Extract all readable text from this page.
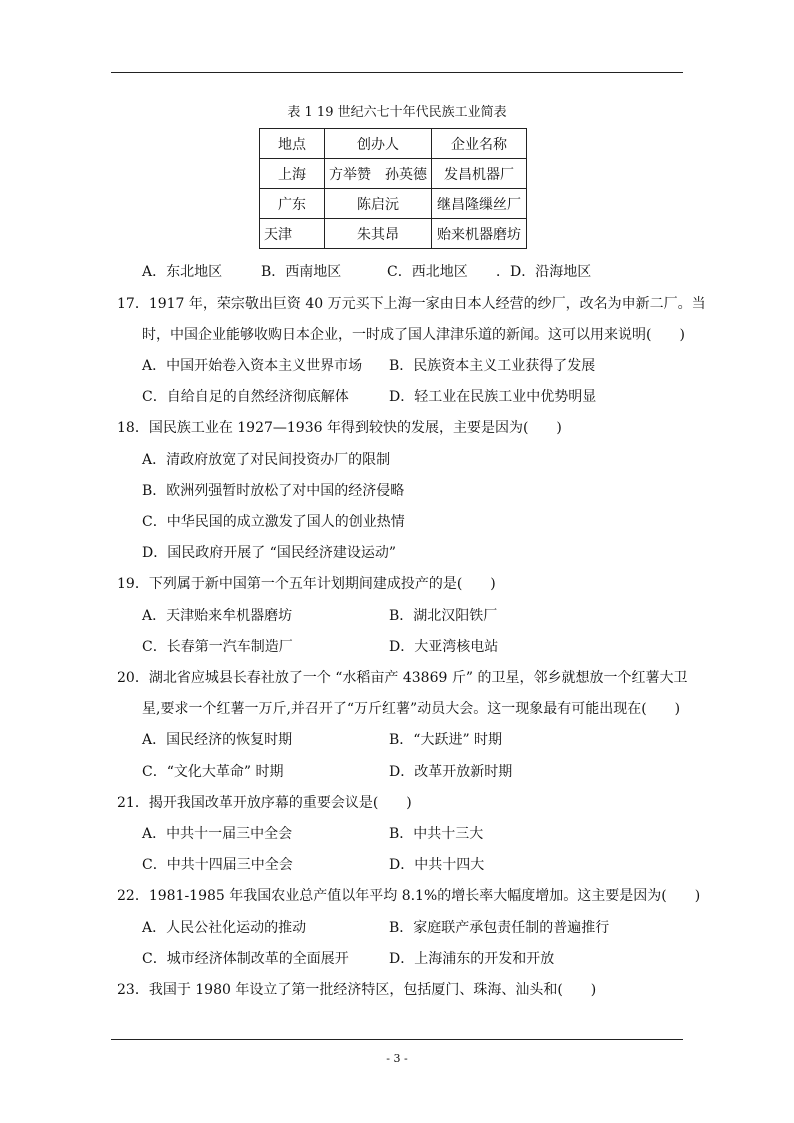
表 1 19 世纪六七十年代民族工业简表
地点	创办人	企业名称
上海	方举赞　孙英德	发昌机器厂
广东	陈启沅	继昌隆缫丝厂
天津	朱其昂	贻来机器磨坊

A．东北地区

	B．西南地区

	C．西北地区

．D．沿海地区

17．1917 年，荣宗敬出巨资 40 万元买下上海一家由日本人经营的纱厂，改名为申新二厂。当
时，中国企业能够收购日本企业，一时成了国人津津乐道的新闻。这可以用来说明(　　)
A．中国开始卷入资本主义世界市场 B．民族资本主义工业获得了发展
C．自给自足的自然经济彻底解体	D．轻工业在民族工业中优势明显
18．国民族工业在 1927—1936 年得到较快的发展，主要是因为(　　)
A．清政府放宽了对民间投资办厂的限制
B．欧洲列强暂时放松了对中国的经济侵略
C．中华民国的成立激发了国人的创业热情
D．国民政府开展了 “国民经济建设运动”
19．下列属于新中国第一个五年计划期间建成投产的是(　　)
A．天津贻来牟机器磨坊	B．湖北汉阳铁厂
C．长春第一汽车制造厂	D．大亚湾核电站
20．湖北省应城县长春社放了一个 “水稻亩产 43869 斤” 的卫星，邻乡就想放一个红薯大卫
星,要求一个红薯一万斤,并召开了“万斤红薯”动员大会。这一现象最有可能出现在(　　)
A．国民经济的恢复时期	B．“大跃进” 时期
C．“文化大革命” 时期	D．改革开放新时期
21．揭开我国改革开放序幕的重要会议是(　　)
A．中共十一届三中全会	B．中共十三大
C．中共十四届三中全会	D．中共十四大
22．1981-1985 年我国农业总产值以年平均 8.1%的增长率大幅度增加。这主要是因为(　　)
A．人民公社化运动的推动	B．家庭联产承包责任制的普遍推行
C．城市经济体制改革的全面展开	D．上海浦东的开发和开放
23．我国于 1980 年设立了第一批经济特区，包括厦门、珠海、汕头和(　　)
- 3 -
